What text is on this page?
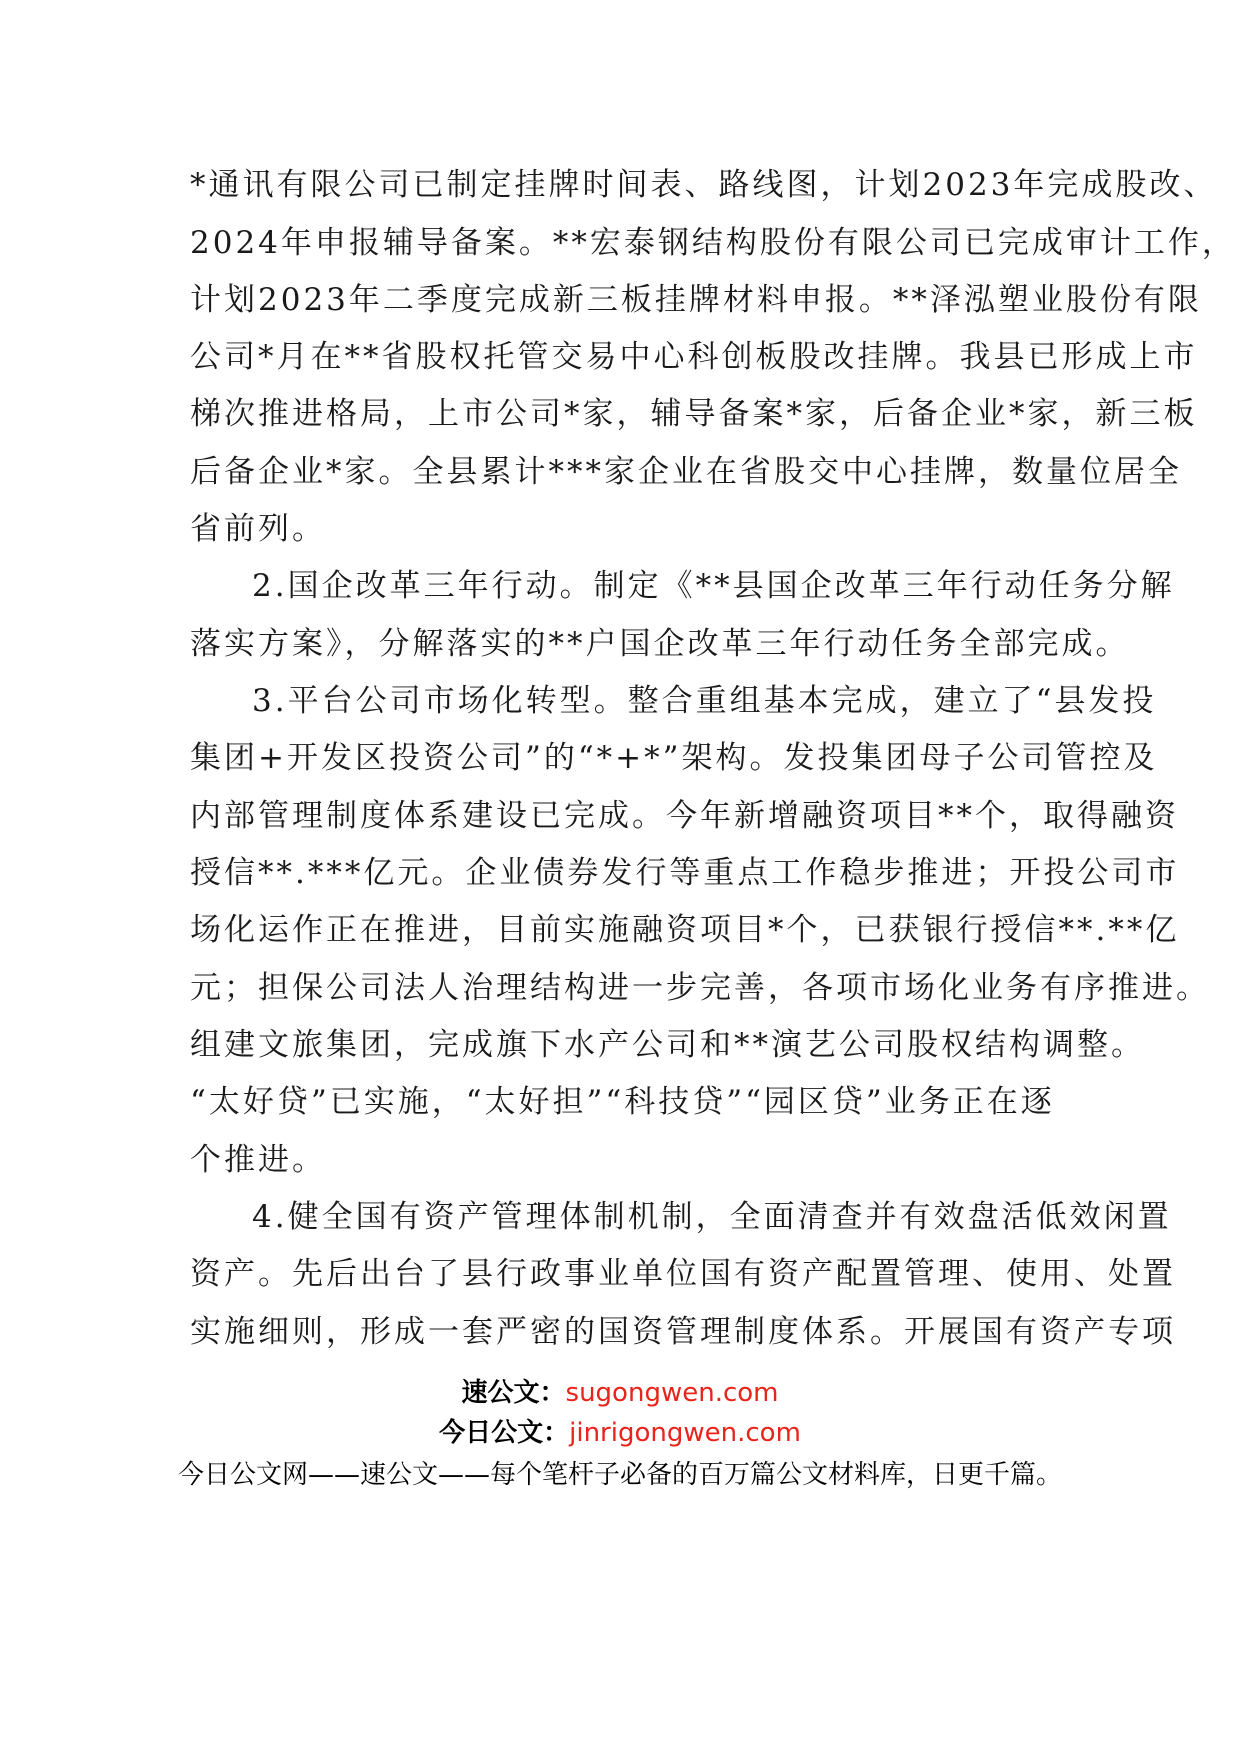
*通讯有限公司已制定挂牌时间表、路线图，计划2023年完成股改、
2024年申报辅导备案。**宏泰钢结构股份有限公司已完成审计工作，
计划2023年二季度完成新三板挂牌材料申报。**泽泓塑业股份有限
公司*月在**省股权托管交易中心科创板股改挂牌。我县已形成上市
梯次推进格局，上市公司*家，辅导备案*家，后备企业*家，新三板
后备企业*家。全县累计***家企业在省股交中心挂牌，数量位居全
省前列。
2.国企改革三年行动。制定《**县国企改革三年行动任务分解
落实方案》，分解落实的**户国企改革三年行动任务全部完成。
3.平台公司市场化转型。整合重组基本完成，建立了“县发投
集团+开发区投资公司”的“*+*”架构。发投集团母子公司管控及
内部管理制度体系建设已完成。今年新增融资项目**个，取得融资
授信**.***亿元。企业债券发行等重点工作稳步推进；开投公司市
场化运作正在推进，目前实施融资项目*个，已获银行授信**.**亿
元；担保公司法人治理结构进一步完善，各项市场化业务有序推进。
组建文旅集团，完成旗下水产公司和**演艺公司股权结构调整。
“太好贷”已实施，“太好担”“科技贷”“园区贷”业务正在逐
个推进。
4.健全国有资产管理体制机制，全面清查并有效盘活低效闲置
资产。先后出台了县行政事业单位国有资产配置管理、使用、处置
实施细则，形成一套严密的国资管理制度体系。开展国有资产专项
速公文：sugongwen.com
今日公文：jinrigongwen.com
今日公文网——速公文——每个笔杆子必备的百万篇公文材料库，日更千篇。
